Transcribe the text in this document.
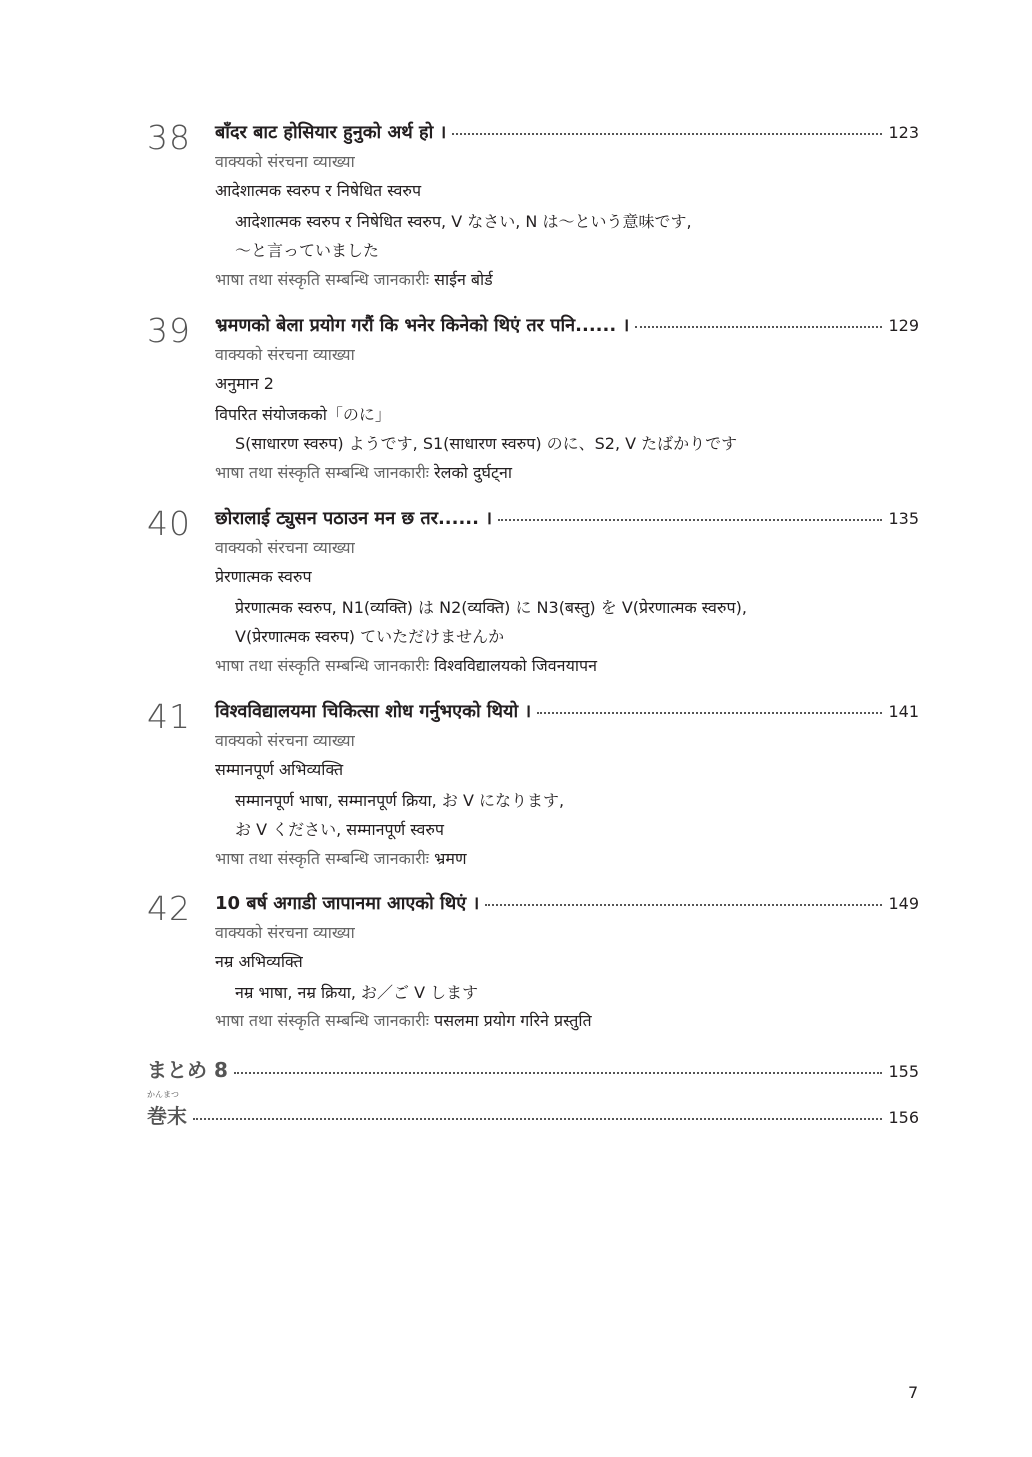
38 बाँदर बाट होसियार हुनुको अर्थ हो ।	123
वाक्यको संरचना व्याख्या
आदेशात्मक स्वरुप र निषेधित स्वरुप
आदेशात्मक स्वरुप र निषेधित स्वरुप, V なさい, N は～という意味です,
～と言っていました
भाषा तथा संस्कृति सम्बन्धि जानकारीः साईन बोर्ड
39 भ्रमणको बेला प्रयोग गरौं कि भनेर किनेको थिएं तर पनि...... ।	129
वाक्यको संरचना व्याख्या
अनुमान 2
विपरित संयोजकको「のに」
S(साधारण स्वरुप) ようです, S1(साधारण स्वरुप) のに、S2, V たばかりです
भाषा तथा संस्कृति सम्बन्धि जानकारीः रेलको दुर्घट्ना
40 छोरालाई ट्युसन पठाउन मन छ तर...... ।	135
वाक्यको संरचना व्याख्या
प्रेरणात्मक स्वरुप
प्रेरणात्मक स्वरुप, N1(व्यक्ति) は N2(व्यक्ति) に N3(बस्तु) を V(प्रेरणात्मक स्वरुप),
V(प्रेरणात्मक स्वरुप) ていただけませんか
भाषा तथा संस्कृति सम्बन्धि जानकारीः विश्वविद्यालयको जिवनयापन
41 विश्वविद्यालयमा चिकित्सा शोध गर्नुभएको थियो ।	141
वाक्यको संरचना व्याख्या
सम्मानपूर्ण अभिव्यक्ति
सम्मानपूर्ण भाषा, सम्मानपूर्ण क्रिया, お V になります,
お V ください, सम्मानपूर्ण स्वरुप
भाषा तथा संस्कृति सम्बन्धि जानकारीः भ्रमण
42 10 बर्ष अगाडी जापानमा आएको थिएं ।	149
वाक्यको संरचना व्याख्या
नम्र अभिव्यक्ति
नम्र भाषा, नम्र क्रिया, お／ご V します
भाषा तथा संस्कृति सम्बन्धि जानकारीः पसलमा प्रयोग गरिने प्रस्तुति
まとめ 8	155
かんまつ
巻末	156
7
